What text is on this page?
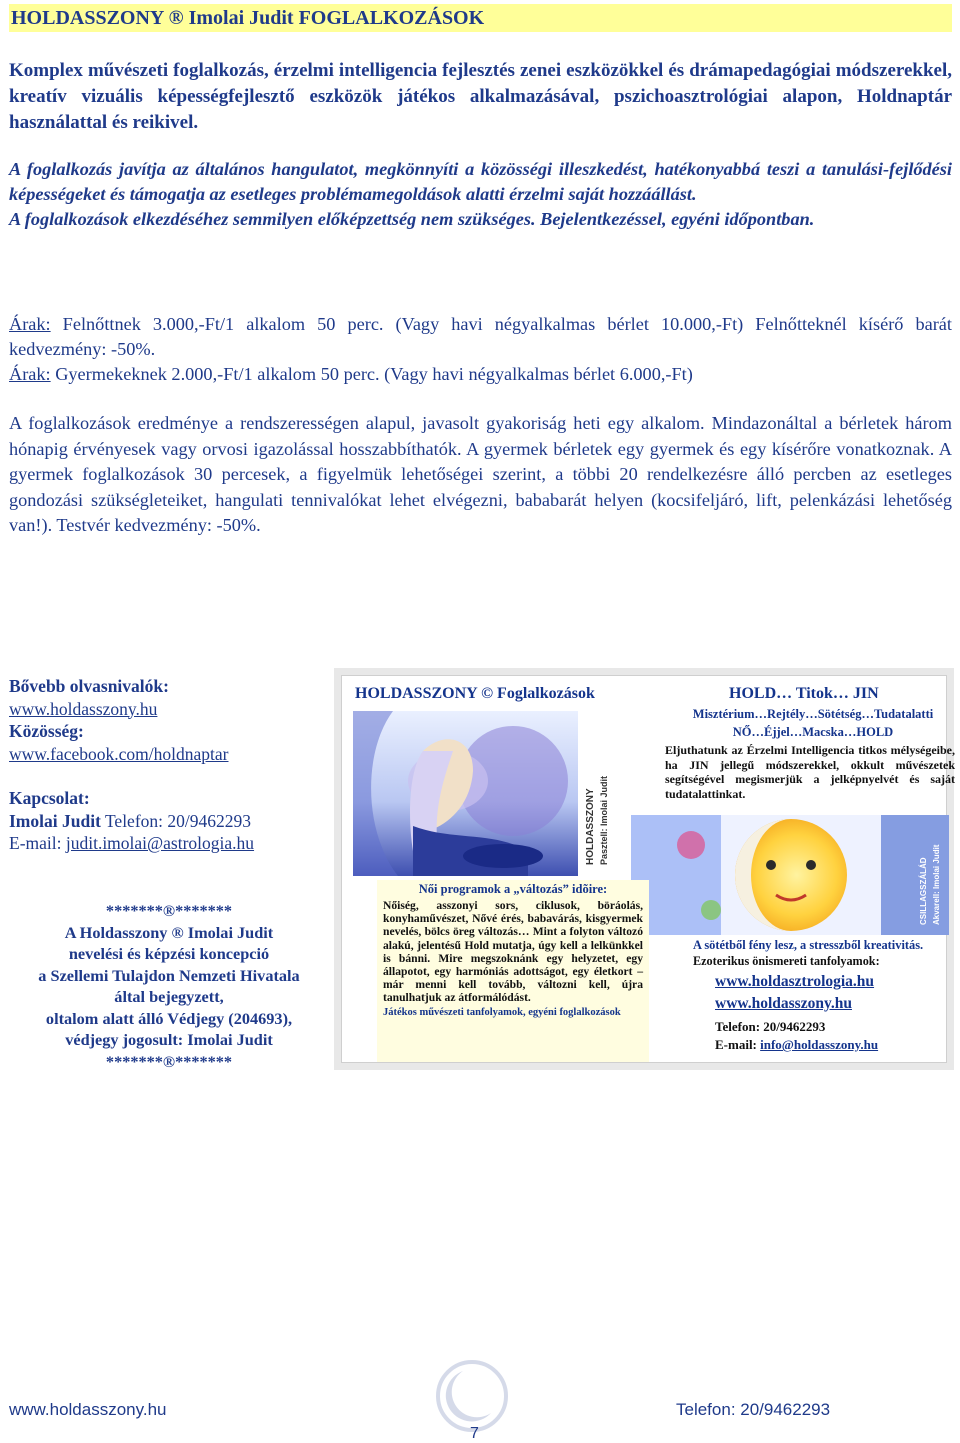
HOLDASSZONY ® Imolai Judit FOGLALKOZÁSOK
Komplex művészeti foglalkozás, érzelmi intelligencia fejlesztés zenei eszközökkel és drámapedagógiai módszerekkel, kreatív vizuális képességfejlesztő eszközök játékos alkalmazásával, pszichoasztrológiai alapon, Holdnaptár használattal és reikivel.

A foglalkozás javítja az általános hangulatot, megkönnyíti a közösségi illeszkedést, hatékonyabbá teszi a tanulási-fejlődési képességeket és támogatja az esetleges problémamegoldások alatti érzelmi saját hozzáállást.

A foglalkozások elkezdéséhez semmilyen előképzettség nem szükséges. Bejelentkezéssel, egyéni időpontban.

Árak: Felnőttnek 3.000,-Ft/1 alkalom 50 perc. (Vagy havi négyalkalmas bérlet 10.000,-Ft) Felnőtteknél kísérő barát kedvezmény: -50%.

Árak: Gyermekeknek 2.000,-Ft/1 alkalom 50 perc. (Vagy havi négyalkalmas bérlet 6.000,-Ft)

A foglalkozások eredménye a rendszerességen alapul, javasolt gyakoriság heti egy alkalom. Mindazonáltal a bérletek három hónapig érvényesek vagy orvosi igazolással hosszabbíthatók. A gyermek bérletek egy gyermek és egy kísérőre vonatkoznak. A gyermek foglalkozások 30 percesek, a figyelmük lehetőségei szerint, a többi 20 rendelkezésre álló percben az esetleges gondozási szükségleteiket, hangulati tennivalókat lehet elvégezni, bababarát helyen (kocsifeljáró, lift, pelenkázási lehetőség van!). Testvér kedvezmény: -50%.
Bővebb olvasnivalók:
www.holdasszony.hu
Közösség:
www.facebook.com/holdnaptar
Kapcsolat:
Imolai Judit Telefon: 20/9462293
E-mail: judit.imolai@astrologia.hu
*******®*******
A Holdasszony ® Imolai Judit
nevelési és képzési koncepció
a Szellemi Tulajdon Nemzeti Hivatala
által bejegyzett,
oltalom alatt álló Védjegy (204693),
védjegy jogosult: Imolai Judit
*******®*******
HOLDASSZONY © Foglalkozások	HOLD… Titok… JIN
Misztérium…Rejtély…Sötétség…Tudatalatti
NŐ…Éjjel…Macska…HOLD
Eljuthatunk az Érzelmi Intelligencia titkos mélységeibe, ha JIN jellegű módszerekkel, okkult művészetek segítségével megismerjük a jelképnyelvét és saját tudatalattinkat.
HOLDASSZONY Pasztell: Imolai Judit
CSILLAGSZÁLÁD Akvarell: Imolai Judit
Női programok a „változás” idõire:
Nőiség, asszonyi sors, ciklusok, böráolás, konyhaművészet, Nővé érés, babavárás, kisgyermek nevelés, bölcs öreg változás… Mint a folyton változó alakú, jelentésű Hold mutatja, úgy kell a lelkünkkel is bánni. Mire megszoknánk egy helyzetet, egy állapotot, egy harmóniás adottságot, egy életkort – már menni kell tovább, változni kell, újra tanulhatjuk az átformálódást.
Játékos művészeti tanfolyamok, egyéni foglalkozások
A sötétből fény lesz, a stresszből kreativitás.
Ezoterikus önismereti tanfolyamok:
www.holdasztrologia.hu
www.holdasszony.hu
Telefon: 20/9462293
E-mail: info@holdasszony.hu
www.holdasszony.hu	Telefon: 20/9462293
7
